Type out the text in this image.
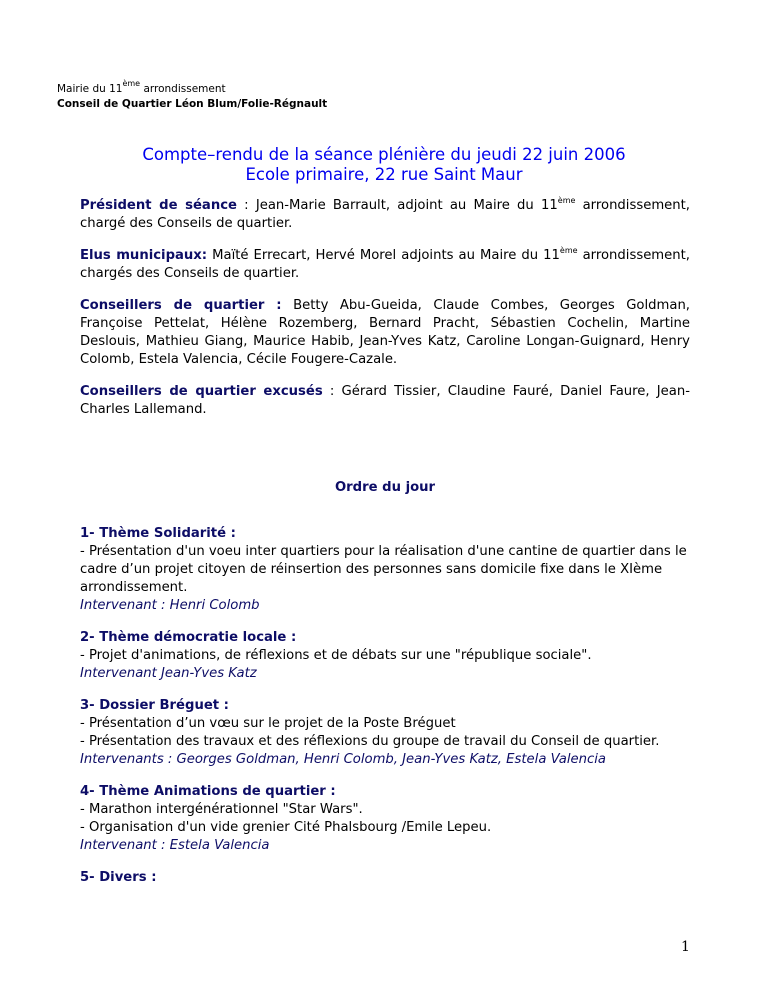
Mairie du 11ème arrondissement
Conseil de Quartier Léon Blum/Folie-Régnault
Compte–rendu de la séance plénière du jeudi 22 juin 2006
Ecole primaire, 22 rue Saint Maur

Président de séance : Jean-Marie Barrault, adjoint au Maire du 11ème arrondissement, chargé des Conseils de quartier.

Elus municipaux: Maïté Errecart, Hervé Morel adjoints au Maire du 11ème arrondissement, chargés des Conseils de quartier.

Conseillers de quartier : Betty Abu-Gueida, Claude Combes, Georges Goldman, Françoise Pettelat, Hélène Rozemberg, Bernard Pracht, Sébastien Cochelin, Martine Deslouis, Mathieu Giang, Maurice Habib, Jean-Yves Katz, Caroline Longan-Guignard, Henry Colomb, Estela Valencia, Cécile Fougere-Cazale.

Conseillers de quartier excusés : Gérard Tissier, Claudine Fauré, Daniel Faure, Jean-Charles Lallemand.

Ordre du jour
1- Thème Solidarité :
- Présentation d'un voeu inter quartiers pour la réalisation d'une cantine de quartier dans le cadre d’un projet citoyen de réinsertion des personnes sans domicile fixe dans le XIème arrondissement.
Intervenant : Henri Colomb
2- Thème démocratie locale :
- Projet d'animations, de réflexions et de débats sur une "république sociale".
Intervenant Jean-Yves Katz
3- Dossier Bréguet :
- Présentation d’un vœu sur le projet de la Poste Bréguet
- Présentation des travaux et des réflexions du groupe de travail du Conseil de quartier.
Intervenants : Georges Goldman, Henri Colomb, Jean-Yves Katz, Estela Valencia
4- Thème Animations de quartier :
- Marathon intergénérationnel "Star Wars".
- Organisation d'un vide grenier Cité Phalsbourg /Emile Lepeu.
Intervenant : Estela Valencia
5- Divers :
1
